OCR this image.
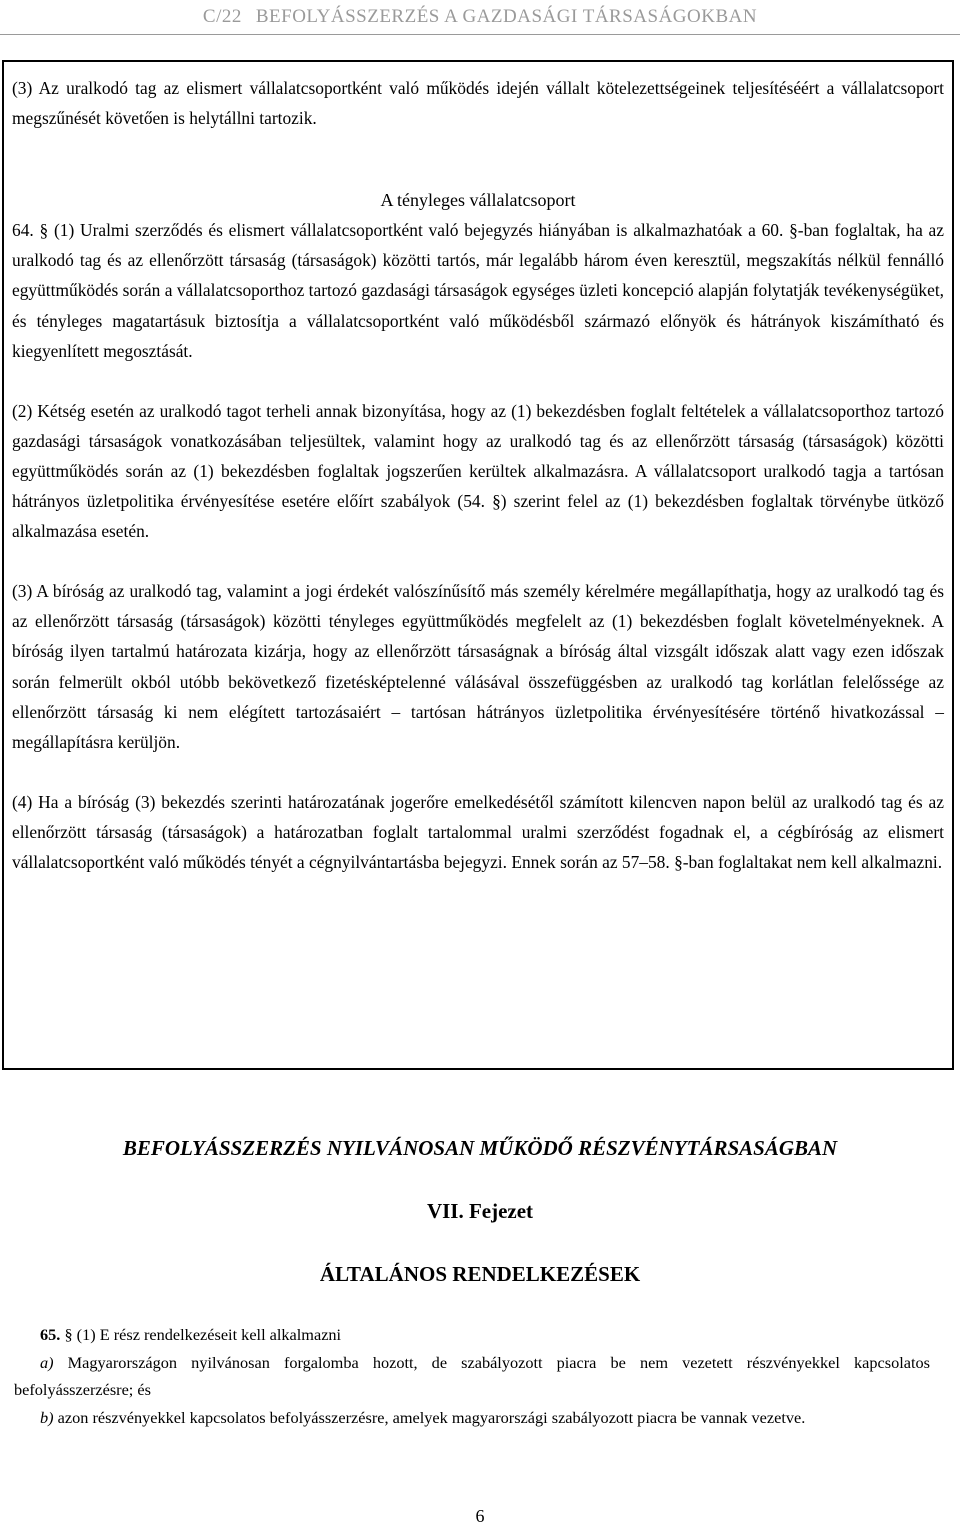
C/22 BEFOLYÁSSZERZÉS A GAZDASÁGI TÁRSASÁGOKBAN

(3) Az uralkodó tag az elismert vállalatcsoportként való működés idején vállalt kötelezettségeinek teljesítéséért a vállalatcsoport megszűnését követően is helytállni tartozik.

A tényleges vállalatcsoport

64. § (1) Uralmi szerződés és elismert vállalatcsoportként való bejegyzés hiányában is alkalmazhatóak a 60. §-ban foglaltak, ha az uralkodó tag és az ellenőrzött társaság (társaságok) közötti tartós, már legalább három éven keresztül, megszakítás nélkül fennálló együttműködés során a vállalatcsoporthoz tartozó gazdasági társaságok egységes üzleti koncepció alapján folytatják tevékenységüket, és tényleges magatartásuk biztosítja a vállalatcsoportként való működésből származó előnyök és hátrányok kiszámítható és kiegyenlített megosztását.

(2) Kétség esetén az uralkodó tagot terheli annak bizonyítása, hogy az (1) bekezdésben foglalt feltételek a vállalatcsoporthoz tartozó gazdasági társaságok vonatkozásában teljesültek, valamint hogy az uralkodó tag és az ellenőrzött társaság (társaságok) közötti együttműködés során az (1) bekezdésben foglaltak jogszerűen kerültek alkalmazásra. A vállalatcsoport uralkodó tagja a tartósan hátrányos üzletpolitika érvényesítése esetére előírt szabályok (54. §) szerint felel az (1) bekezdésben foglaltak törvénybe ütköző alkalmazása esetén.

(3) A bíróság az uralkodó tag, valamint a jogi érdekét valószínűsítő más személy kérelmére megállapíthatja, hogy az uralkodó tag és az ellenőrzött társaság (társaságok) közötti tényleges együttműködés megfelelt az (1) bekezdésben foglalt követelményeknek. A bíróság ilyen tartalmú határozata kizárja, hogy az ellenőrzött társaságnak a bíróság által vizsgált időszak alatt vagy ezen időszak során felmerült okból utóbb bekövetkező fizetésképtelenné válásával összefüggésben az uralkodó tag korlátlan felelőssége az ellenőrzött társaság ki nem elégített tartozásaiért – tartósan hátrányos üzletpolitika érvényesítésére történő hivatkozással – megállapításra kerüljön.

(4) Ha a bíróság (3) bekezdés szerinti határozatának jogerőre emelkedésétől számított kilencven napon belül az uralkodó tag és az ellenőrzött társaság (társaságok) a határozatban foglalt tartalommal uralmi szerződést fogadnak el, a cégbíróság az elismert vállalatcsoportként való működés tényét a cégnyilvántartásba bejegyzi. Ennek során az 57–58. §-ban foglaltakat nem kell alkalmazni.

BEFOLYÁSSZERZÉS NYILVÁNOSAN MŰKÖDŐ RÉSZVÉNYTÁRSASÁGBAN
VII. Fejezet
ÁLTALÁNOS RENDELKEZÉSEK

65. § (1) E rész rendelkezéseit kell alkalmazni

a) Magyarországon nyilvánosan forgalomba hozott, de szabályozott piacra be nem vezetett részvényekkel kapcsolatos befolyásszerzésre; és

b) azon részvényekkel kapcsolatos befolyásszerzésre, amelyek magyarországi szabályozott piacra be vannak vezetve.

6
